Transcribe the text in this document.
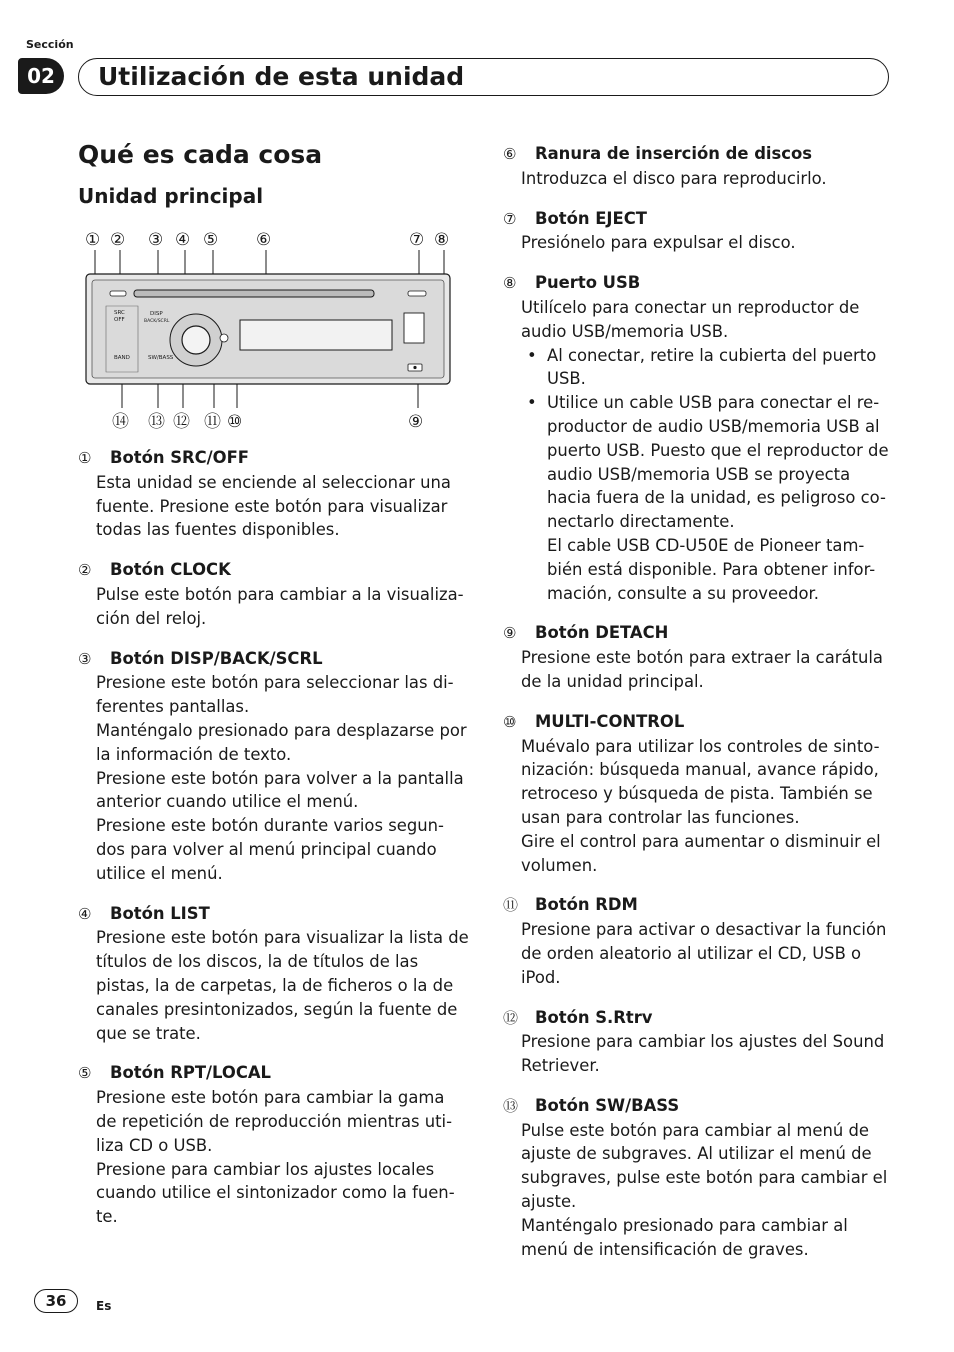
Sección
02	Utilización de esta unidad
Qué es cada cosa
Unidad principal
① ② ③ ④ ⑤ ⑥	⑦ ⑧
⑭ ⑬ ⑫ ⑪ ⑩	⑨
SRC
OFF
DISP
BACK/SCRL
BAND	SW/BASS
①	Botón SRC/OFF

Esta unidad se enciende al seleccionar una fuente. Presione este botón para visualizar todas las fuentes disponibles.

②	Botón CLOCK

Pulse este botón para cambiar a la visualiza-ción del reloj.

③	Botón DISP/BACK/SCRL

Presione este botón para seleccionar las di-ferentes pantallas.

Manténgalo presionado para desplazarse por la información de texto.

Presione este botón para volver a la pantalla anterior cuando utilice el menú.

Presione este botón durante varios segun-dos para volver al menú principal cuando utilice el menú.

④	Botón LIST

Presione este botón para visualizar la lista de títulos de los discos, la de títulos de las pistas, la de carpetas, la de ficheros o la de canales presintonizados, según la fuente de que se trate.

⑤	Botón RPT/LOCAL

Presione este botón para cambiar la gama de repetición de reproducción mientras uti-liza CD o USB.

Presione para cambiar los ajustes locales cuando utilice el sintonizador como la fuen-te.

⑥	Ranura de inserción de discos

Introduzca el disco para reproducirlo.

⑦	Botón EJECT

Presiónelo para expulsar el disco.

⑧	Puerto USB

Utilícelo para conectar un reproductor de audio USB/memoria USB.

• Al conectar, retire la cubierta del puerto USB.
• Utilice un cable USB para conectar el re-productor de audio USB/memoria USB al puerto USB. Puesto que el reproductor de audio USB/memoria USB se proyecta hacia fuera de la unidad, es peligroso co-nectarlo directamente.
El cable USB CD-U50E de Pioneer tam-bién está disponible. Para obtener infor-mación, consulte a su proveedor.
⑨	Botón DETACH

Presione este botón para extraer la carátula de la unidad principal.

⑩	MULTI-CONTROL

Muévalo para utilizar los controles de sinto-nización: búsqueda manual, avance rápido, retroceso y búsqueda de pista. También se usan para controlar las funciones.

Gire el control para aumentar o disminuir el volumen.

⑪	Botón RDM

Presione para activar o desactivar la función de orden aleatorio al utilizar el CD, USB o iPod.

⑫	Botón S.Rtrv

Presione para cambiar los ajustes del Sound Retriever.

⑬	Botón SW/BASS

Pulse este botón para cambiar al menú de ajuste de subgraves. Al utilizar el menú de subgraves, pulse este botón para cambiar el ajuste.

Manténgalo presionado para cambiar al menú de intensificación de graves.

36	Es
